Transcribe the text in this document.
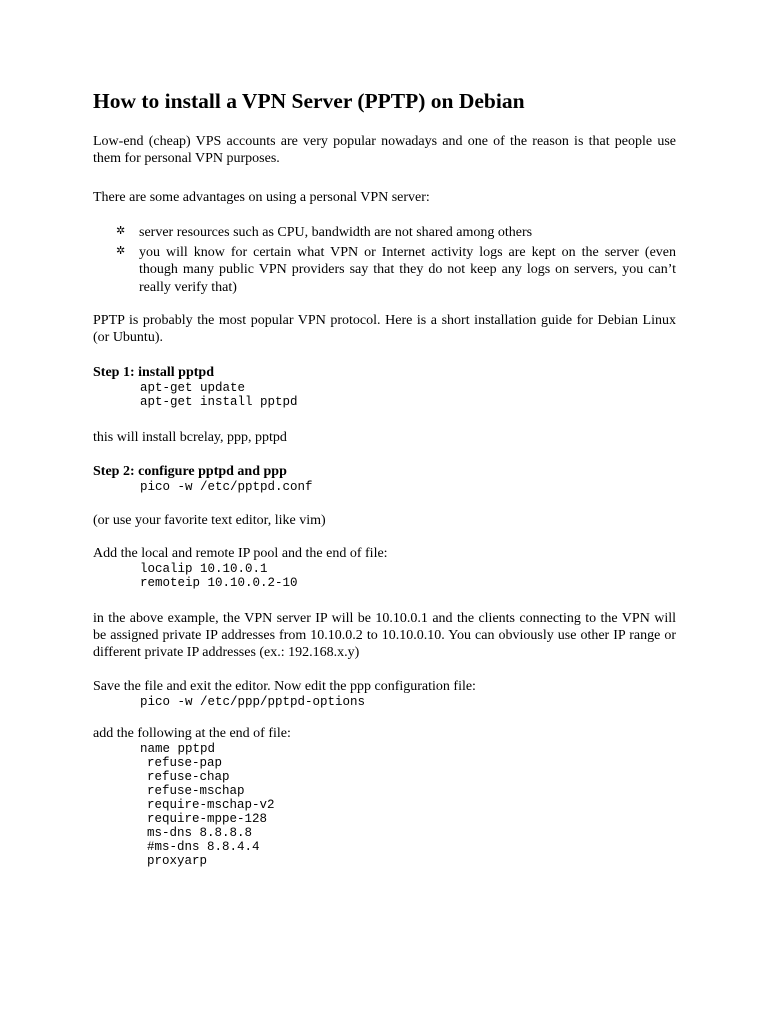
How to install a VPN Server (PPTP) on Debian

Low-end (cheap) VPS accounts are very popular nowadays and one of the reason is that people use them for personal VPN purposes.

There are some advantages on using a personal VPN server:

✲ server resources such as CPU, bandwidth are not shared among others
✲ you will know for certain what VPN or Internet activity logs are kept on the server (even though many public VPN providers say that they do not keep any logs on servers, you can’t really verify that)

PPTP is probably the most popular VPN protocol. Here is a short installation guide for Debian Linux (or Ubuntu).

Step 1: install pptpd

apt-get update
apt-get install pptpd

this will install bcrelay, ppp, pptpd

Step 2: configure pptpd and ppp

pico -w /etc/pptpd.conf

(or use your favorite text editor, like vim)

Add the local and remote IP pool and the end of file:

localip 10.10.0.1
remoteip 10.10.0.2-10

in the above example, the VPN server IP will be 10.10.0.1 and the clients connecting to the VPN will be assigned private IP addresses from 10.10.0.2 to 10.10.0.10. You can obviously use other IP range or different private IP addresses (ex.: 192.168.x.y)

Save the file and exit the editor. Now edit the ppp configuration file:

pico -w /etc/ppp/pptpd-options

add the following at the end of file:

name pptpd
refuse-pap
refuse-chap
refuse-mschap
require-mschap-v2
require-mppe-128
ms-dns 8.8.8.8
#ms-dns 8.8.4.4
proxyarp
